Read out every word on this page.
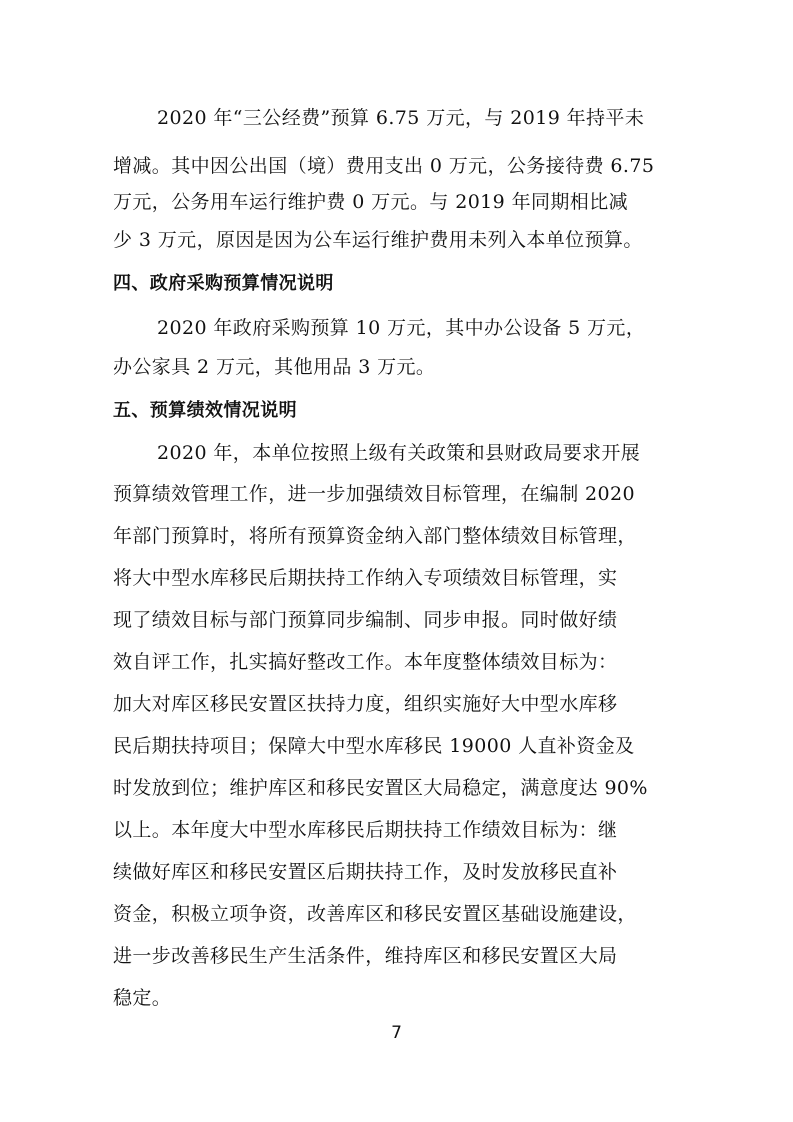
2020 年“三公经费”预算 6.75 万元，与 2019 年持平未
增减。其中因公出国（境）费用支出 0 万元，公务接待费 6.75
万元，公务用车运行维护费 0 万元。与 2019 年同期相比减
少 3 万元，原因是因为公车运行维护费用未列入本单位预算。
四、政府采购预算情况说明
2020 年政府采购预算 10 万元，其中办公设备 5 万元，
办公家具 2 万元，其他用品 3 万元。
五、预算绩效情况说明
2020 年，本单位按照上级有关政策和县财政局要求开展
预算绩效管理工作，进一步加强绩效目标管理，在编制 2020
年部门预算时，将所有预算资金纳入部门整体绩效目标管理，
将大中型水库移民后期扶持工作纳入专项绩效目标管理，实
现了绩效目标与部门预算同步编制、同步申报。同时做好绩
效自评工作，扎实搞好整改工作。本年度整体绩效目标为：
加大对库区移民安置区扶持力度，组织实施好大中型水库移
民后期扶持项目；保障大中型水库移民 19000 人直补资金及
时发放到位；维护库区和移民安置区大局稳定，满意度达 90%
以上。本年度大中型水库移民后期扶持工作绩效目标为：继
续做好库区和移民安置区后期扶持工作，及时发放移民直补
资金，积极立项争资，改善库区和移民安置区基础设施建设，
进一步改善移民生产生活条件，维持库区和移民安置区大局
稳定。
7
